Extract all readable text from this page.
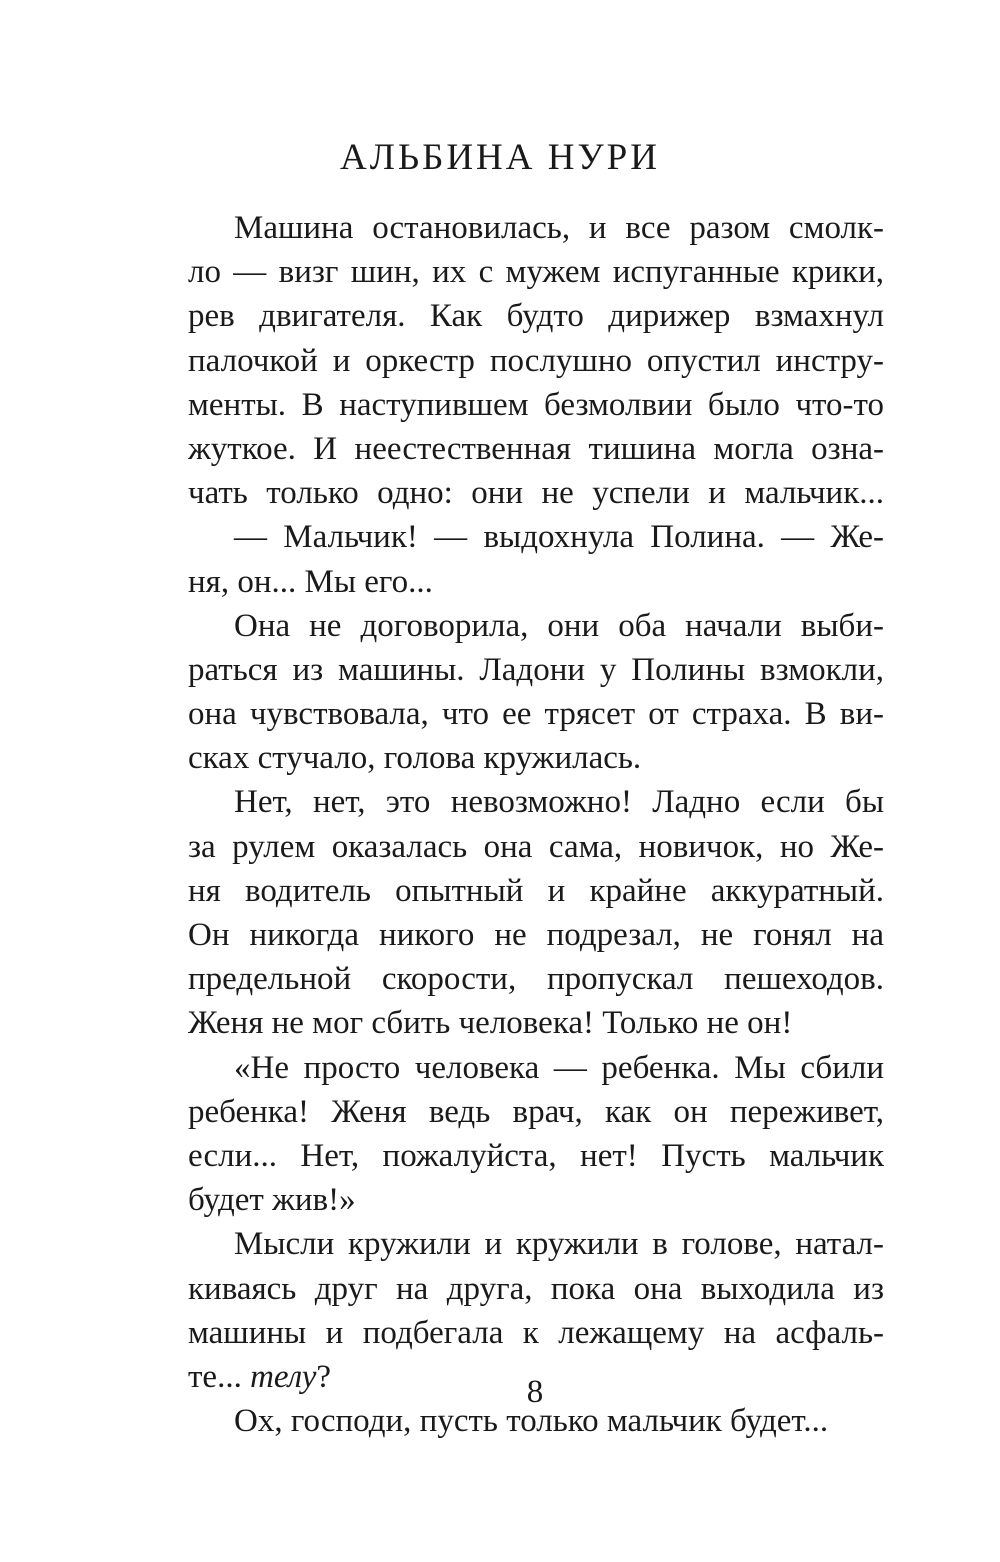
АЛЬБИНА НУРИ
Машина остановилась, и все разом смолк-
ло — визг шин, их с мужем испуганные крики,
рев двигателя. Как будто дирижер взмахнул
палочкой и оркестр послушно опустил инстру-
менты. В наступившем безмолвии было что-то
жуткое. И неестественная тишина могла озна-
чать только одно: они не успели и мальчик...
— Мальчик! — выдохнула Полина. — Же-
ня, он... Мы его...
Она не договорила, они оба начали выби-
раться из машины. Ладони у Полины взмокли,
она чувствовала, что ее трясет от страха. В ви-
сках стучало, голова кружилась.
Нет, нет, это невозможно! Ладно если бы
за рулем оказалась она сама, новичок, но Же-
ня водитель опытный и крайне аккуратный.
Он никогда никого не подрезал, не гонял на
предельной скорости, пропускал пешеходов.
Женя не мог сбить человека! Только не он!
«Не просто человека — ребенка. Мы сбили
ребенка! Женя ведь врач, как он переживет,
если... Нет, пожалуйста, нет! Пусть мальчик
будет жив!»
Мысли кружили и кружили в голове, натал-
киваясь друг на друга, пока она выходила из
машины и подбегала к лежащему на асфаль-
те... телу?
Ох, господи, пусть только мальчик будет...
8
